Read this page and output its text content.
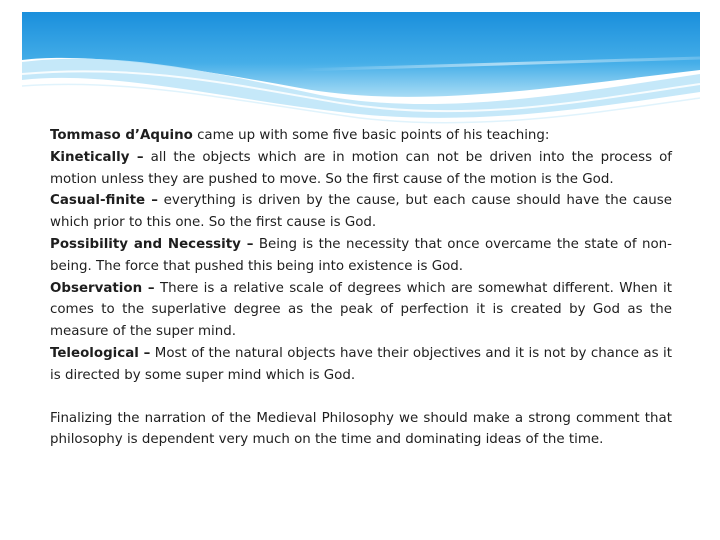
Tommaso d’Aquino came up with some five basic points of his teaching:

Kinetically – all the objects which are in motion can not be driven into the process of motion unless they are pushed to move. So the first cause of the motion is the God.

Casual-finite – everything is driven by the cause, but each cause should have the cause which prior to this one. So the first cause is God.

Possibility and Necessity – Being is the necessity that once overcame the state of non-being. The force that pushed this being into existence is God.

Observation – There is a relative scale of degrees which are somewhat different. When it comes to the superlative degree as the peak of perfection it is created by God as the measure of the super mind.

Teleological – Most of the natural objects have their objectives and it is not by chance as it is directed by some super mind which is God.

Finalizing the narration of the Medieval Philosophy we should make a strong comment that philosophy is dependent very much on the time and dominating ideas of the time.
